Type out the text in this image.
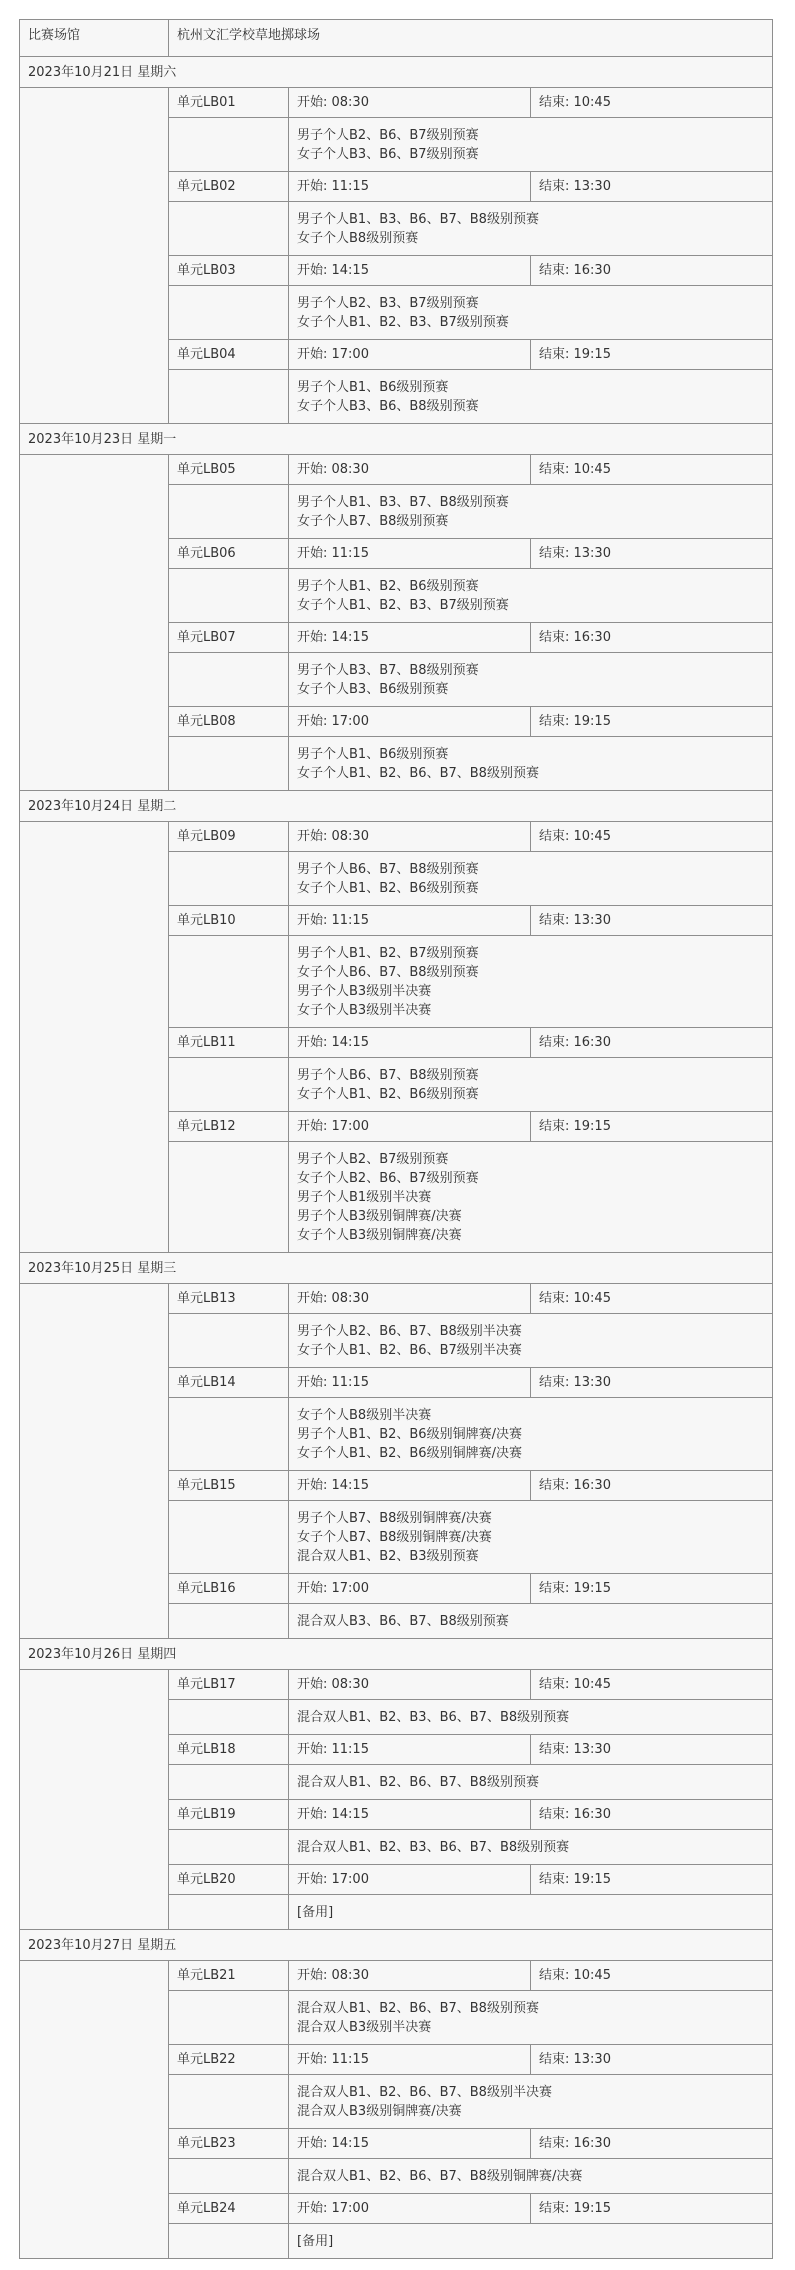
比赛场馆	杭州文汇学校草地掷球场
2023年10月21日 星期六
单元LB01	开始: 08:30	结束: 10:45
男子个人B2、B6、B7级别预赛
女子个人B3、B6、B7级别预赛
单元LB02	开始: 11:15	结束: 13:30
男子个人B1、B3、B6、B7、B8级别预赛
女子个人B8级别预赛
单元LB03	开始: 14:15	结束: 16:30
男子个人B2、B3、B7级别预赛
女子个人B1、B2、B3、B7级别预赛
单元LB04	开始: 17:00	结束: 19:15
男子个人B1、B6级别预赛
女子个人B3、B6、B8级别预赛
2023年10月23日 星期一
单元LB05	开始: 08:30	结束: 10:45
男子个人B1、B3、B7、B8级别预赛
女子个人B7、B8级别预赛
单元LB06	开始: 11:15	结束: 13:30
男子个人B1、B2、B6级别预赛
女子个人B1、B2、B3、B7级别预赛
单元LB07	开始: 14:15	结束: 16:30
男子个人B3、B7、B8级别预赛
女子个人B3、B6级别预赛
单元LB08	开始: 17:00	结束: 19:15
男子个人B1、B6级别预赛
女子个人B1、B2、B6、B7、B8级别预赛
2023年10月24日 星期二
单元LB09	开始: 08:30	结束: 10:45
男子个人B6、B7、B8级别预赛
女子个人B1、B2、B6级别预赛
单元LB10	开始: 11:15	结束: 13:30
男子个人B1、B2、B7级别预赛
女子个人B6、B7、B8级别预赛
男子个人B3级别半决赛
女子个人B3级别半决赛
单元LB11	开始: 14:15	结束: 16:30
男子个人B6、B7、B8级别预赛
女子个人B1、B2、B6级别预赛
单元LB12	开始: 17:00	结束: 19:15
男子个人B2、B7级别预赛
女子个人B2、B6、B7级别预赛
男子个人B1级别半决赛
男子个人B3级别铜牌赛/决赛
女子个人B3级别铜牌赛/决赛
2023年10月25日 星期三
单元LB13	开始: 08:30	结束: 10:45
男子个人B2、B6、B7、B8级别半决赛
女子个人B1、B2、B6、B7级别半决赛
单元LB14	开始: 11:15	结束: 13:30
女子个人B8级别半决赛
男子个人B1、B2、B6级别铜牌赛/决赛
女子个人B1、B2、B6级别铜牌赛/决赛
单元LB15	开始: 14:15	结束: 16:30
男子个人B7、B8级别铜牌赛/决赛
女子个人B7、B8级别铜牌赛/决赛
混合双人B1、B2、B3级别预赛
单元LB16	开始: 17:00	结束: 19:15
混合双人B3、B6、B7、B8级别预赛
2023年10月26日 星期四
单元LB17	开始: 08:30	结束: 10:45
混合双人B1、B2、B3、B6、B7、B8级别预赛
单元LB18	开始: 11:15	结束: 13:30
混合双人B1、B2、B6、B7、B8级别预赛
单元LB19	开始: 14:15	结束: 16:30
混合双人B1、B2、B3、B6、B7、B8级别预赛
单元LB20	开始: 17:00	结束: 19:15
[备用]
2023年10月27日 星期五
单元LB21	开始: 08:30	结束: 10:45
混合双人B1、B2、B6、B7、B8级别预赛
混合双人B3级别半决赛
单元LB22	开始: 11:15	结束: 13:30
混合双人B1、B2、B6、B7、B8级别半决赛
混合双人B3级别铜牌赛/决赛
单元LB23	开始: 14:15	结束: 16:30
混合双人B1、B2、B6、B7、B8级别铜牌赛/决赛
单元LB24	开始: 17:00	结束: 19:15
[备用]
